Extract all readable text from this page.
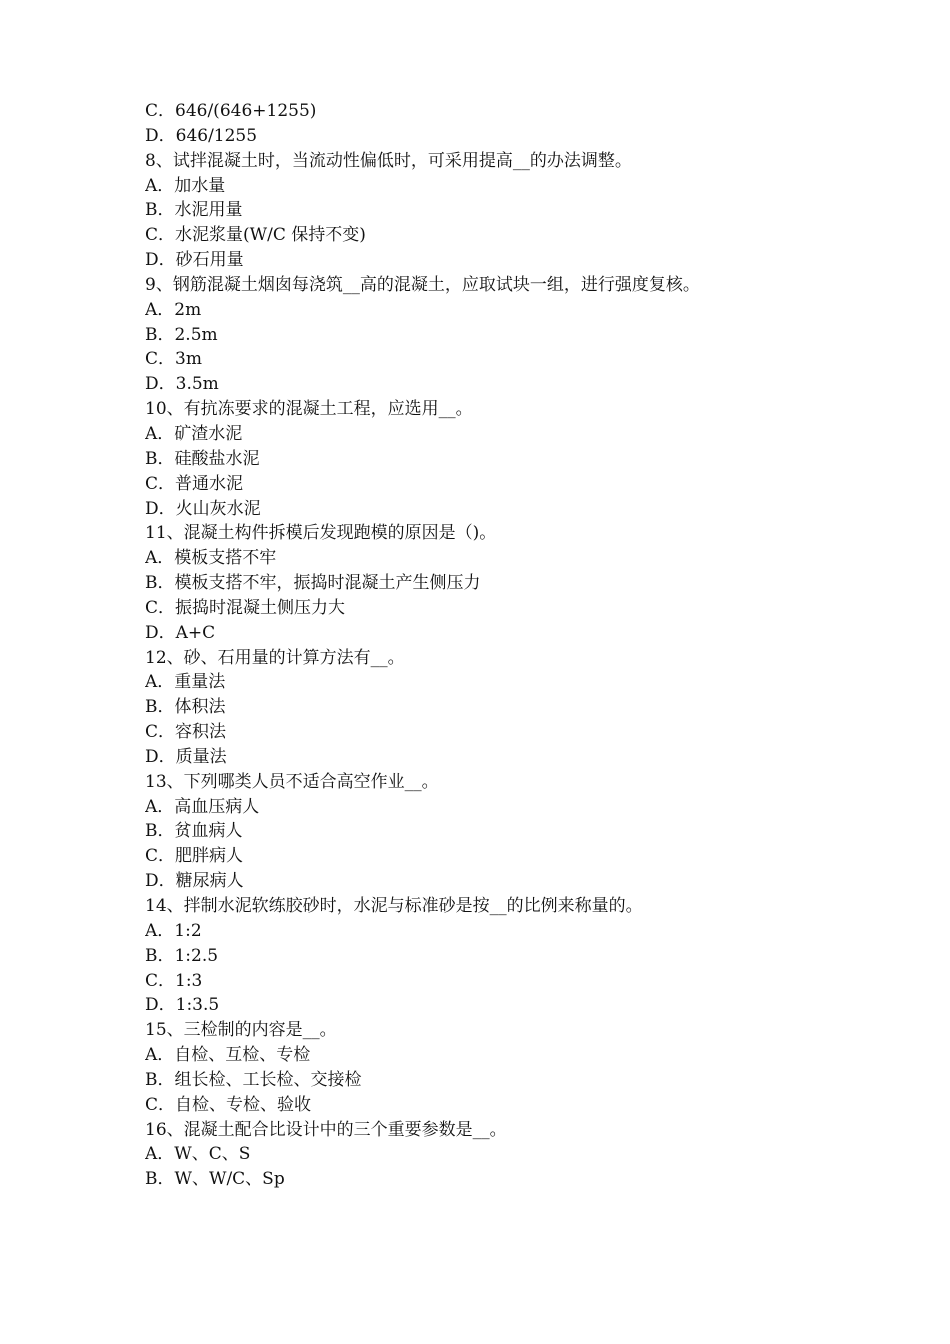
C．646/(646+1255)
D．646/1255
8、试拌混凝土时，当流动性偏低时，可采用提高__的办法调整。
A．加水量
B．水泥用量
C．水泥浆量(W/C 保持不变)
D．砂石用量
9、钢筋混凝土烟囱每浇筑__高的混凝土，应取试块一组，进行强度复核。
A．2m
B．2.5m
C．3m
D．3.5m
10、有抗冻要求的混凝土工程，应选用__。
A．矿渣水泥
B．硅酸盐水泥
C．普通水泥
D．火山灰水泥
11、混凝土构件拆模后发现跑模的原因是（)。
A．模板支搭不牢
B．模板支搭不牢，振捣时混凝土产生侧压力
C．振捣时混凝土侧压力大
D．A+C
12、砂、石用量的计算方法有__。
A．重量法
B．体积法
C．容积法
D．质量法
13、下列哪类人员不适合高空作业__。
A．高血压病人
B．贫血病人
C．肥胖病人
D．糖尿病人
14、拌制水泥软练胶砂时，水泥与标准砂是按__的比例来称量的。
A．1:2
B．1:2.5
C．1:3
D．1:3.5
15、三检制的内容是__。
A．自检、互检、专检
B．组长检、工长检、交接检
C．自检、专检、验收
16、混凝土配合比设计中的三个重要参数是__。
A．W、C、S
B．W、W/C、Sp
